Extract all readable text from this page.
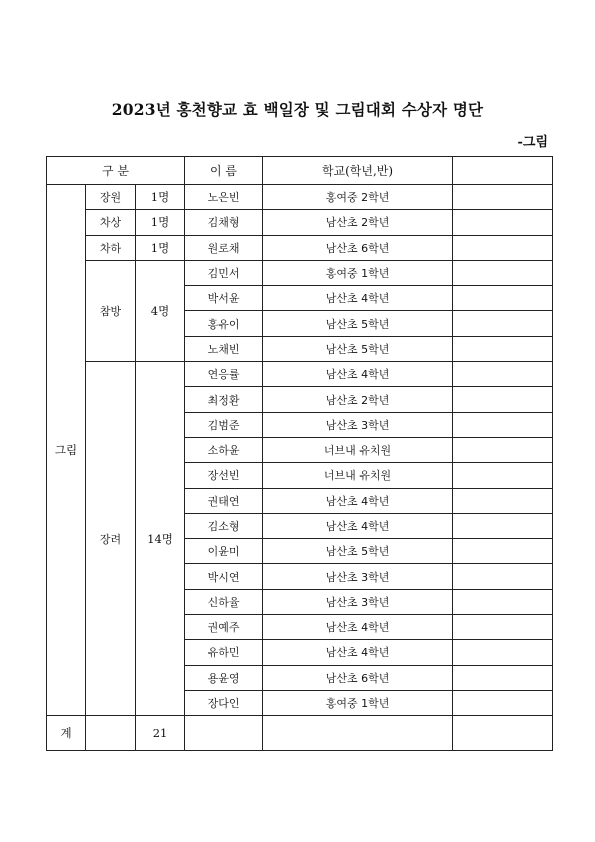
2023년 홍천향교 효 백일장 및 그림대회 수상자 명단
-그림
구 분			이 름	학교(학년,반)	
그림	장원	1명	노은빈	홍여중 2학년	
	차상	1명	김채형	남산초 2학년	
	차하	1명	원로채	남산초 6학년	
	참방	4명	김민서	홍여중 1학년	
			박서윤	남산초 4학년	
			홍유이	남산초 5학년	
			노채빈	남산초 5학년	
	장려	14명	연응률	남산초 4학년	
			최정환	남산초 2학년	
			김범준	남산초 3학년	
			소하윤	너브내 유치원	
			장선빈	너브내 유치원	
			권태연	남산초 4학년	
			김소형	남산초 4학년	
			이윤미	남산초 5학년	
			박시연	남산초 3학년	
			신하율	남산초 3학년	
			권예주	남산초 4학년	
			유하민	남산초 4학년	
			용윤영	남산초 6학년	
			장다인	홍여중 1학년	
계		21			
